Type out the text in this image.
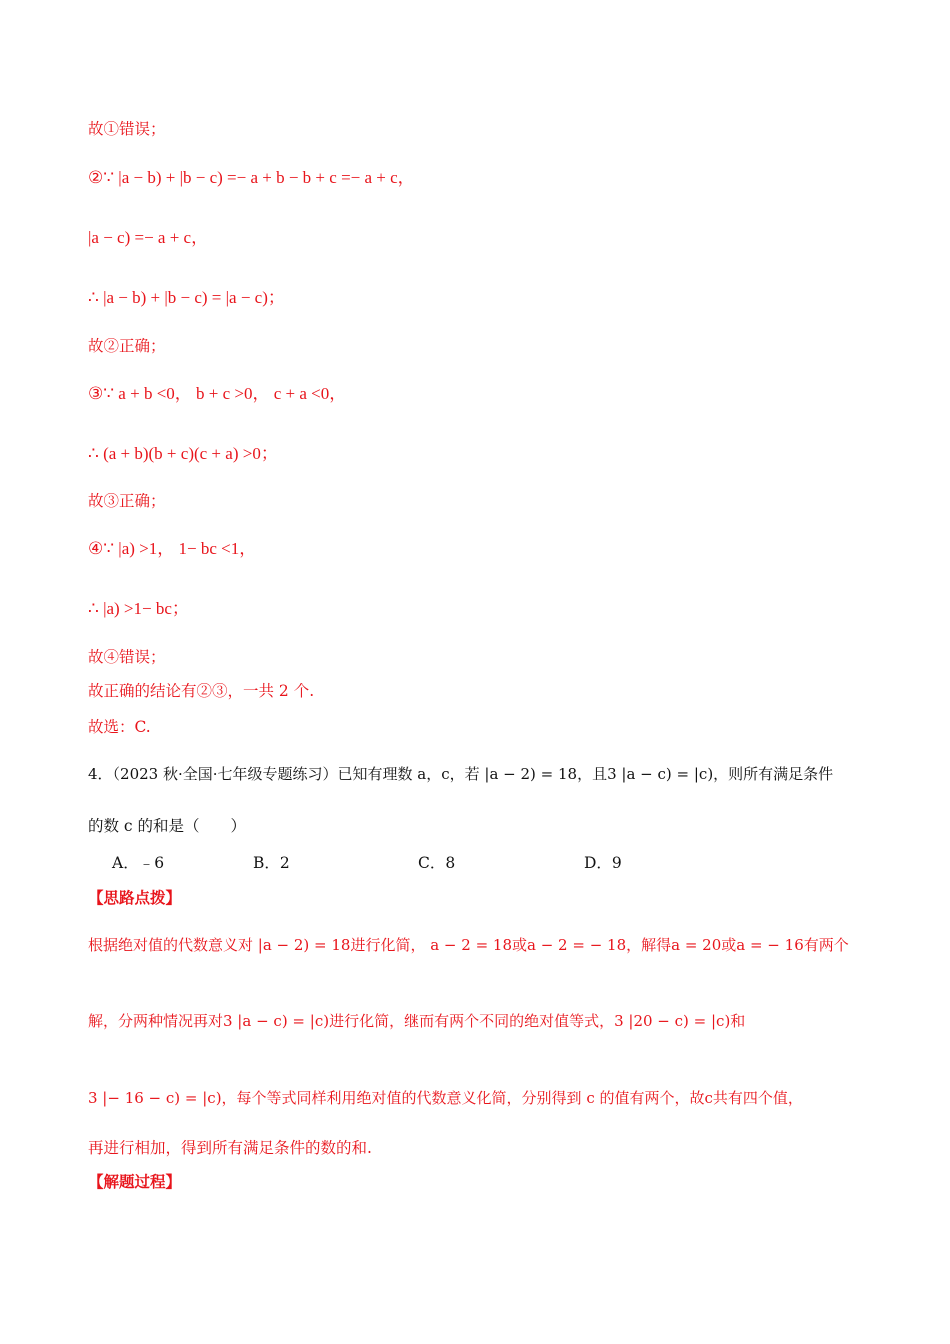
故①错误；
②∵ |a − b) + |b − c) =− a + b − b + c =− a + c，
|a − c) =− a + c，
∴ |a − b) + |b − c) = |a − c)；
故②正确；
③∵ a + b <0， b + c >0， c + a <0，
∴ (a + b)(b + c)(c + a) >0；
故③正确；
④∵ |a) >1， 1− bc <1，
∴ |a) >1− bc；
故④错误；
故正确的结论有②③，一共 2 个.
故选：C.
4．（2023 秋·全国·七年级专题练习）已知有理数 a，c，若 |a − 2) = 18，且3 |a − c) = |c)，则所有满足条件
的数 c 的和是（　　）
A．﹣6	B．2	C．8	D．9
【思路点拨】
根据绝对值的代数意义对 |a − 2) = 18进行化简， a − 2 = 18或a − 2 = − 18，解得a = 20或a = − 16有两个
解，分两种情况再对3 |a − c) = |c)进行化简，继而有两个不同的绝对值等式，3 |20 − c) = |c)和
3 |− 16 − c) = |c)，每个等式同样利用绝对值的代数意义化简，分别得到 c 的值有两个，故c共有四个值，
再进行相加，得到所有满足条件的数的和.
【解题过程】
